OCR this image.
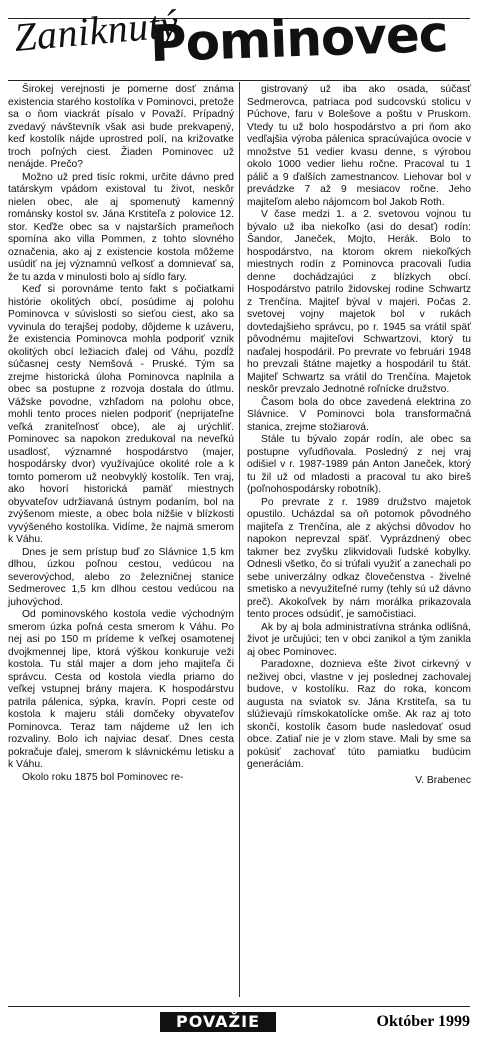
Zaniknutý
Pominovec

Širokej verejnosti je pomerne dosť známa existencia starého kostolíka v Pominovci, pretože sa o ňom viackrát písalo v Považí. Prípadný zvedavý návštevník však asi bude prekvapený, keď kostolík nájde uprostred polí, na križovatke troch poľných ciest. Žiaden Pominovec už nenájde. Prečo?

Možno už pred tisíc rokmi, určite dávno pred tatárskym vpádom existoval tu život, neskôr nielen obec, ale aj spomenutý kamenný románsky kostol sv. Jána Krstiteľa z polovice 12. stor. Keďže obec sa v najstarších prameňoch spomína ako villa Pommen, z tohto slovného označenia, ako aj z existencie kostola môžeme usúdiť na jej významnú veľkosť a domnievať sa, že tu azda v minulosti bolo aj sídlo fary.

Keď si porovnáme tento fakt s počiatkami histórie okolitých obcí, posúdime aj polohu Pominovca v súvislosti so sieťou ciest, ako sa vyvinula do terajšej podoby, dôjdeme k uzáveru, že existencia Pominovca mohla podporiť vznik okolitých obcí ležiacich ďalej od Váhu, pozdĺž súčasnej cesty Nemšová - Pruské. Tým sa zrejme historická úloha Pominovca naplnila a obec sa postupne z rozvoja dostala do útlmu. Vážske povodne, vzhľadom na polohu obce, mohli tento proces nielen podporiť (neprijateľne veľká zraniteľnosť obce), ale aj urýchliť. Pominovec sa napokon zredukoval na neveľkú usadlosť, významné hospodárstvo (majer, hospodársky dvor) využívajúce okolité role a k tomto pomerom už neobvyklý kostolík. Ten vraj, ako hovorí historická pamäť miestnych obyvateľov udržiavaná ústnym podaním, bol na zvýšenom mieste, a obec bola nižšie v blízkosti vyvýšeného kostolíka. Vidíme, že najmä smerom k Váhu.

Dnes je sem prístup buď zo Slávnice 1,5 km dlhou, úzkou poľnou cestou, vedúcou na severovýchod, alebo zo železničnej stanice Sedmerovec 1,5 km dlhou cestou vedúcou na juhovýchod.

Od pominovského kostola vedie východným smerom úzka poľná cesta smerom k Váhu. Po nej asi po 150 m prídeme k veľkej osamotenej dvojkmennej lipe, ktorá výškou konkuruje veži kostola. Tu stál majer a dom jeho majiteľa či správcu. Cesta od kostola viedla priamo do veľkej vstupnej brány majera. K hospodárstvu patrila pálenica, sýpka, kravín. Popri ceste od kostola k majeru stáli domčeky obyvateľov Pominovca. Teraz tam nájdeme už len ich rozvaliny. Bolo ich najviac desať. Dnes cesta pokračuje ďalej, smerom k slávnickému letisku a k Váhu.

Okolo roku 1875 bol Pominovec re-

gistrovaný už iba ako osada, súčasť Sedmerovca, patriaca pod sudcovskú stolicu v Púchove, faru v Bolešove a poštu v Pruskom. Vtedy tu už bolo hospodárstvo a pri ňom ako vedľajšia výroba pálenica spracúvajúca ovocie v množstve 51 vedier kvasu denne, s výrobou okolo 1000 vedier liehu ročne. Pracoval tu 1 pálič a 9 ďalších zamestnancov. Liehovar bol v prevádzke 7 až 9 mesiacov ročne. Jeho majiteľom alebo nájomcom bol Jakob Roth.

V čase medzi 1. a 2. svetovou vojnou tu bývalo už iba niekoľko (asi do desať) rodín: Šandor, Janeček, Mojto, Herák. Bolo to hospodárstvo, na ktorom okrem niekoľkých miestnych rodín z Pominovca pracovali ľudia denne dochádzajúci z blízkych obcí. Hospodárstvo patrilo židovskej rodine Schwartz z Trenčína. Majiteľ býval v majeri. Počas 2. svetovej vojny majetok bol v rukách dovtedajšieho správcu, po r. 1945 sa vrátil späť pôvodnému majiteľovi Schwartzovi, ktorý tu naďalej hospodáril. Po prevrate vo februári 1948 ho prevzali štátne majetky a hospodáril tu štát. Majiteľ Schwartz sa vrátil do Trenčína. Majetok neskôr prevzalo Jednotné roľnícke družstvo.

Časom bola do obce zavedená elektrina zo Slávnice. V Pominovci bola transformačná stanica, zrejme stožiarová.

Stále tu bývalo zopár rodín, ale obec sa postupne vyľudňovala. Posledný z nej vraj odišiel v r. 1987-1989 pán Anton Janeček, ktorý tu žil už od mladosti a pracoval tu ako bireš (poľnohospodársky robotník).

Po prevrate z r. 1989 družstvo majetok opustilo. Ucházdal sa oň potomok pôvodného majiteľa z Trenčína, ale z akýchsi dôvodov ho napokon neprevzal späť. Vyprázdnený obec takmer bez zvyšku zlikvidovali ľudské kobylky. Odnesli všetko, čo si trúfali využiť a zanechali po sebe univerzálny odkaz človečenstva - živelné smetisko a nevyužiteľné rumy (tehly sú už dávno preč). Akokoľvek by nám morálka prikazovala tento proces odsúdiť, je samočistiaci.

Ak by aj bola administratívna stránka odlišná, život je určujúci; ten v obci zanikol a tým zanikla aj obec Pominovec.

Paradoxne, doznieva ešte život cirkevný v neživej obci, vlastne v jej poslednej zachovalej budove, v kostolíku. Raz do roka, koncom augusta na sviatok sv. Jána Krstiteľa, sa tu slúžievajú rímskokatolícke omše. Ak raz aj toto skončí, kostolík časom bude nasledovať osud obce. Zatiaľ nie je v zlom stave. Mali by sme sa pokúsiť zachovať túto pamiatku budúcim generáciám.

V. Brabenec

POVAŽIE	Október 1999
